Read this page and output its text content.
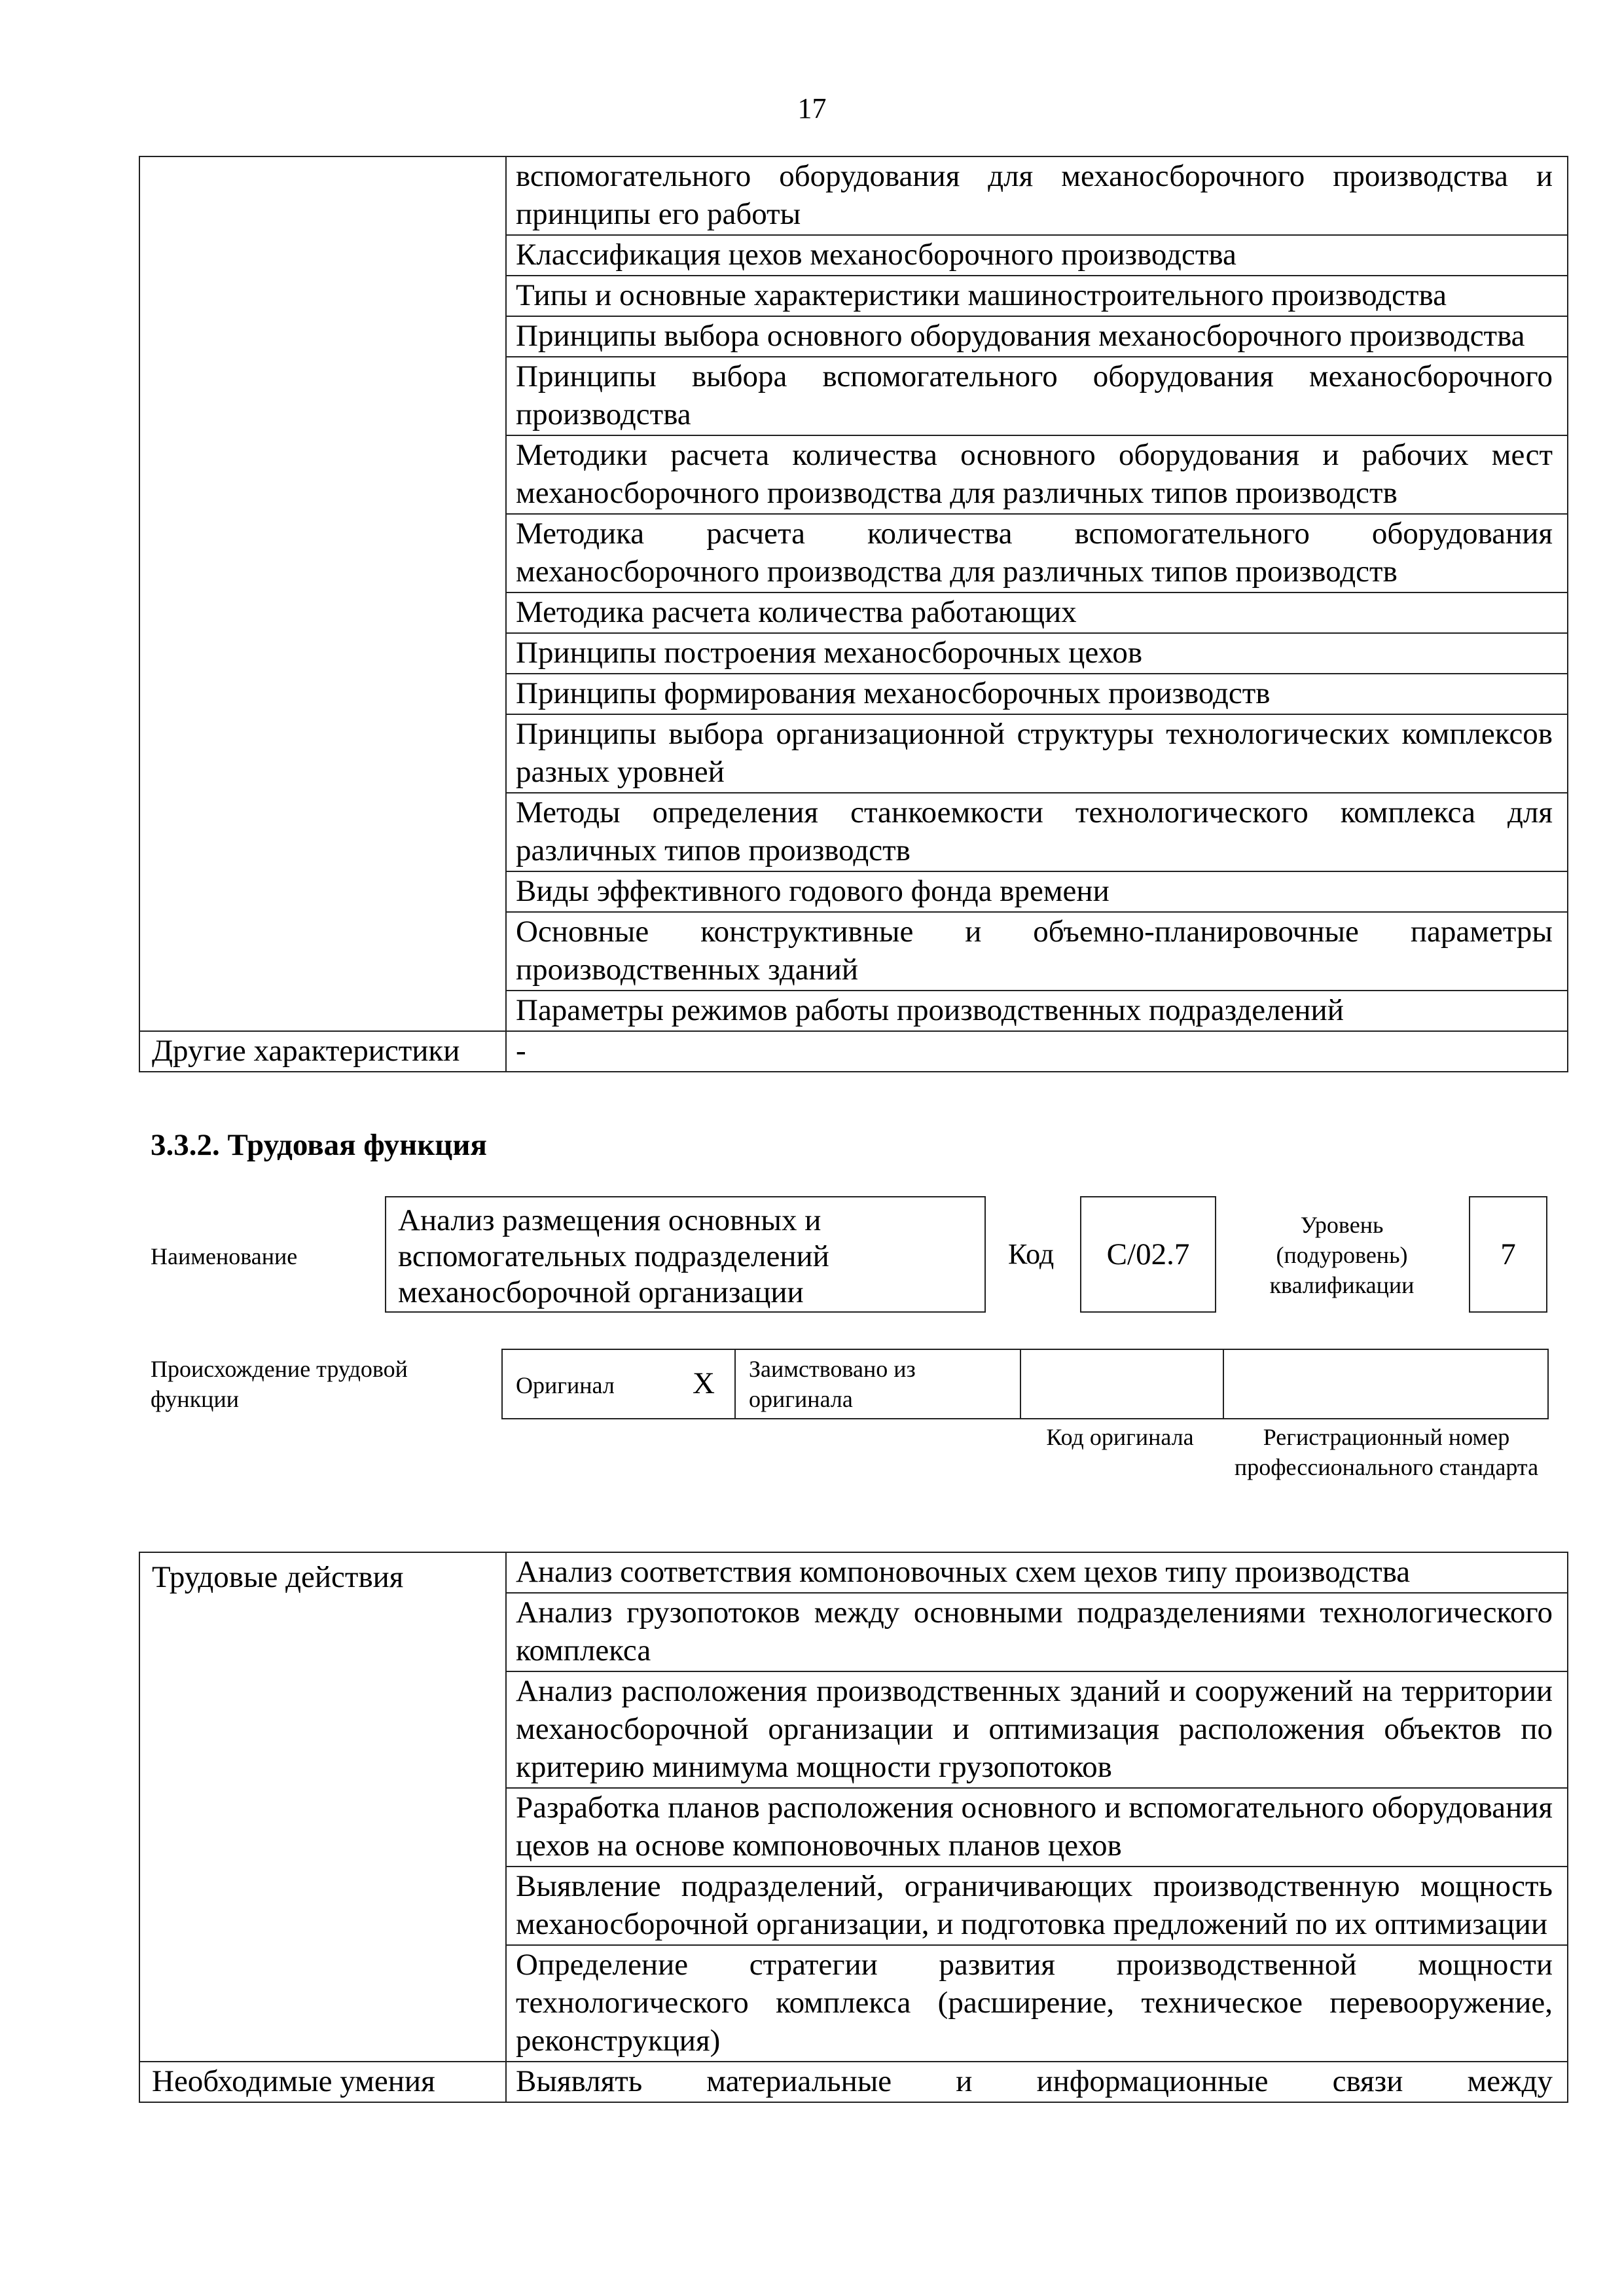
17

	вспомогательного оборудования для механосборочного производства и принципы его работы

	Классификация цехов механосборочного производства

	Типы и основные характеристики машиностроительного производства

	Принципы выбора основного оборудования механосборочного производства

	Принципы выбора вспомогательного оборудования механосборочного производства

	Методики расчета количества основного оборудования и рабочих мест механосборочного производства для различных типов производств

	Методика расчета количества вспомогательного оборудования механосборочного производства для различных типов производств

	Методика расчета количества работающих

	Принципы построения механосборочных цехов

	Принципы формирования механосборочных производств

	Принципы выбора организационной структуры технологических комплексов разных уровней

	Методы определения станкоемкости технологического комплекса для различных типов производств

	Виды эффективного годового фонда времени

	Основные конструктивные и объемно-планировочные параметры производственных зданий

	Параметры режимов работы производственных подразделений

Другие характеристики	-
3.3.2. Трудовая функция
Наименование
Анализ размещения основных и вспомогательных подразделений механосборочной организации
Код	C/02.7
Уровень (подуровень) квалификации
7
Происхождение трудовой функции
Оригинал	X Заимствовано из оригинала
Код оригинала	Регистрационный номер профессионального стандарта
Трудовые действия	Анализ соответствия компоновочных схем цехов типу производства

	Анализ грузопотоков между основными подразделениями технологического комплекса

	Анализ расположения производственных зданий и сооружений на территории механосборочной организации и оптимизация расположения объектов по критерию минимума мощности грузопотоков

	Разработка планов расположения основного и вспомогательного оборудования цехов на основе компоновочных планов цехов

	Выявление подразделений, ограничивающих производственную мощность механосборочной организации, и подготовка предложений по их оптимизации

	Определение стратегии развития производственной мощности технологического комплекса (расширение, техническое перевооружение, реконструкция)

Необходимые умения	Выявлять материальные и информационные связи между
